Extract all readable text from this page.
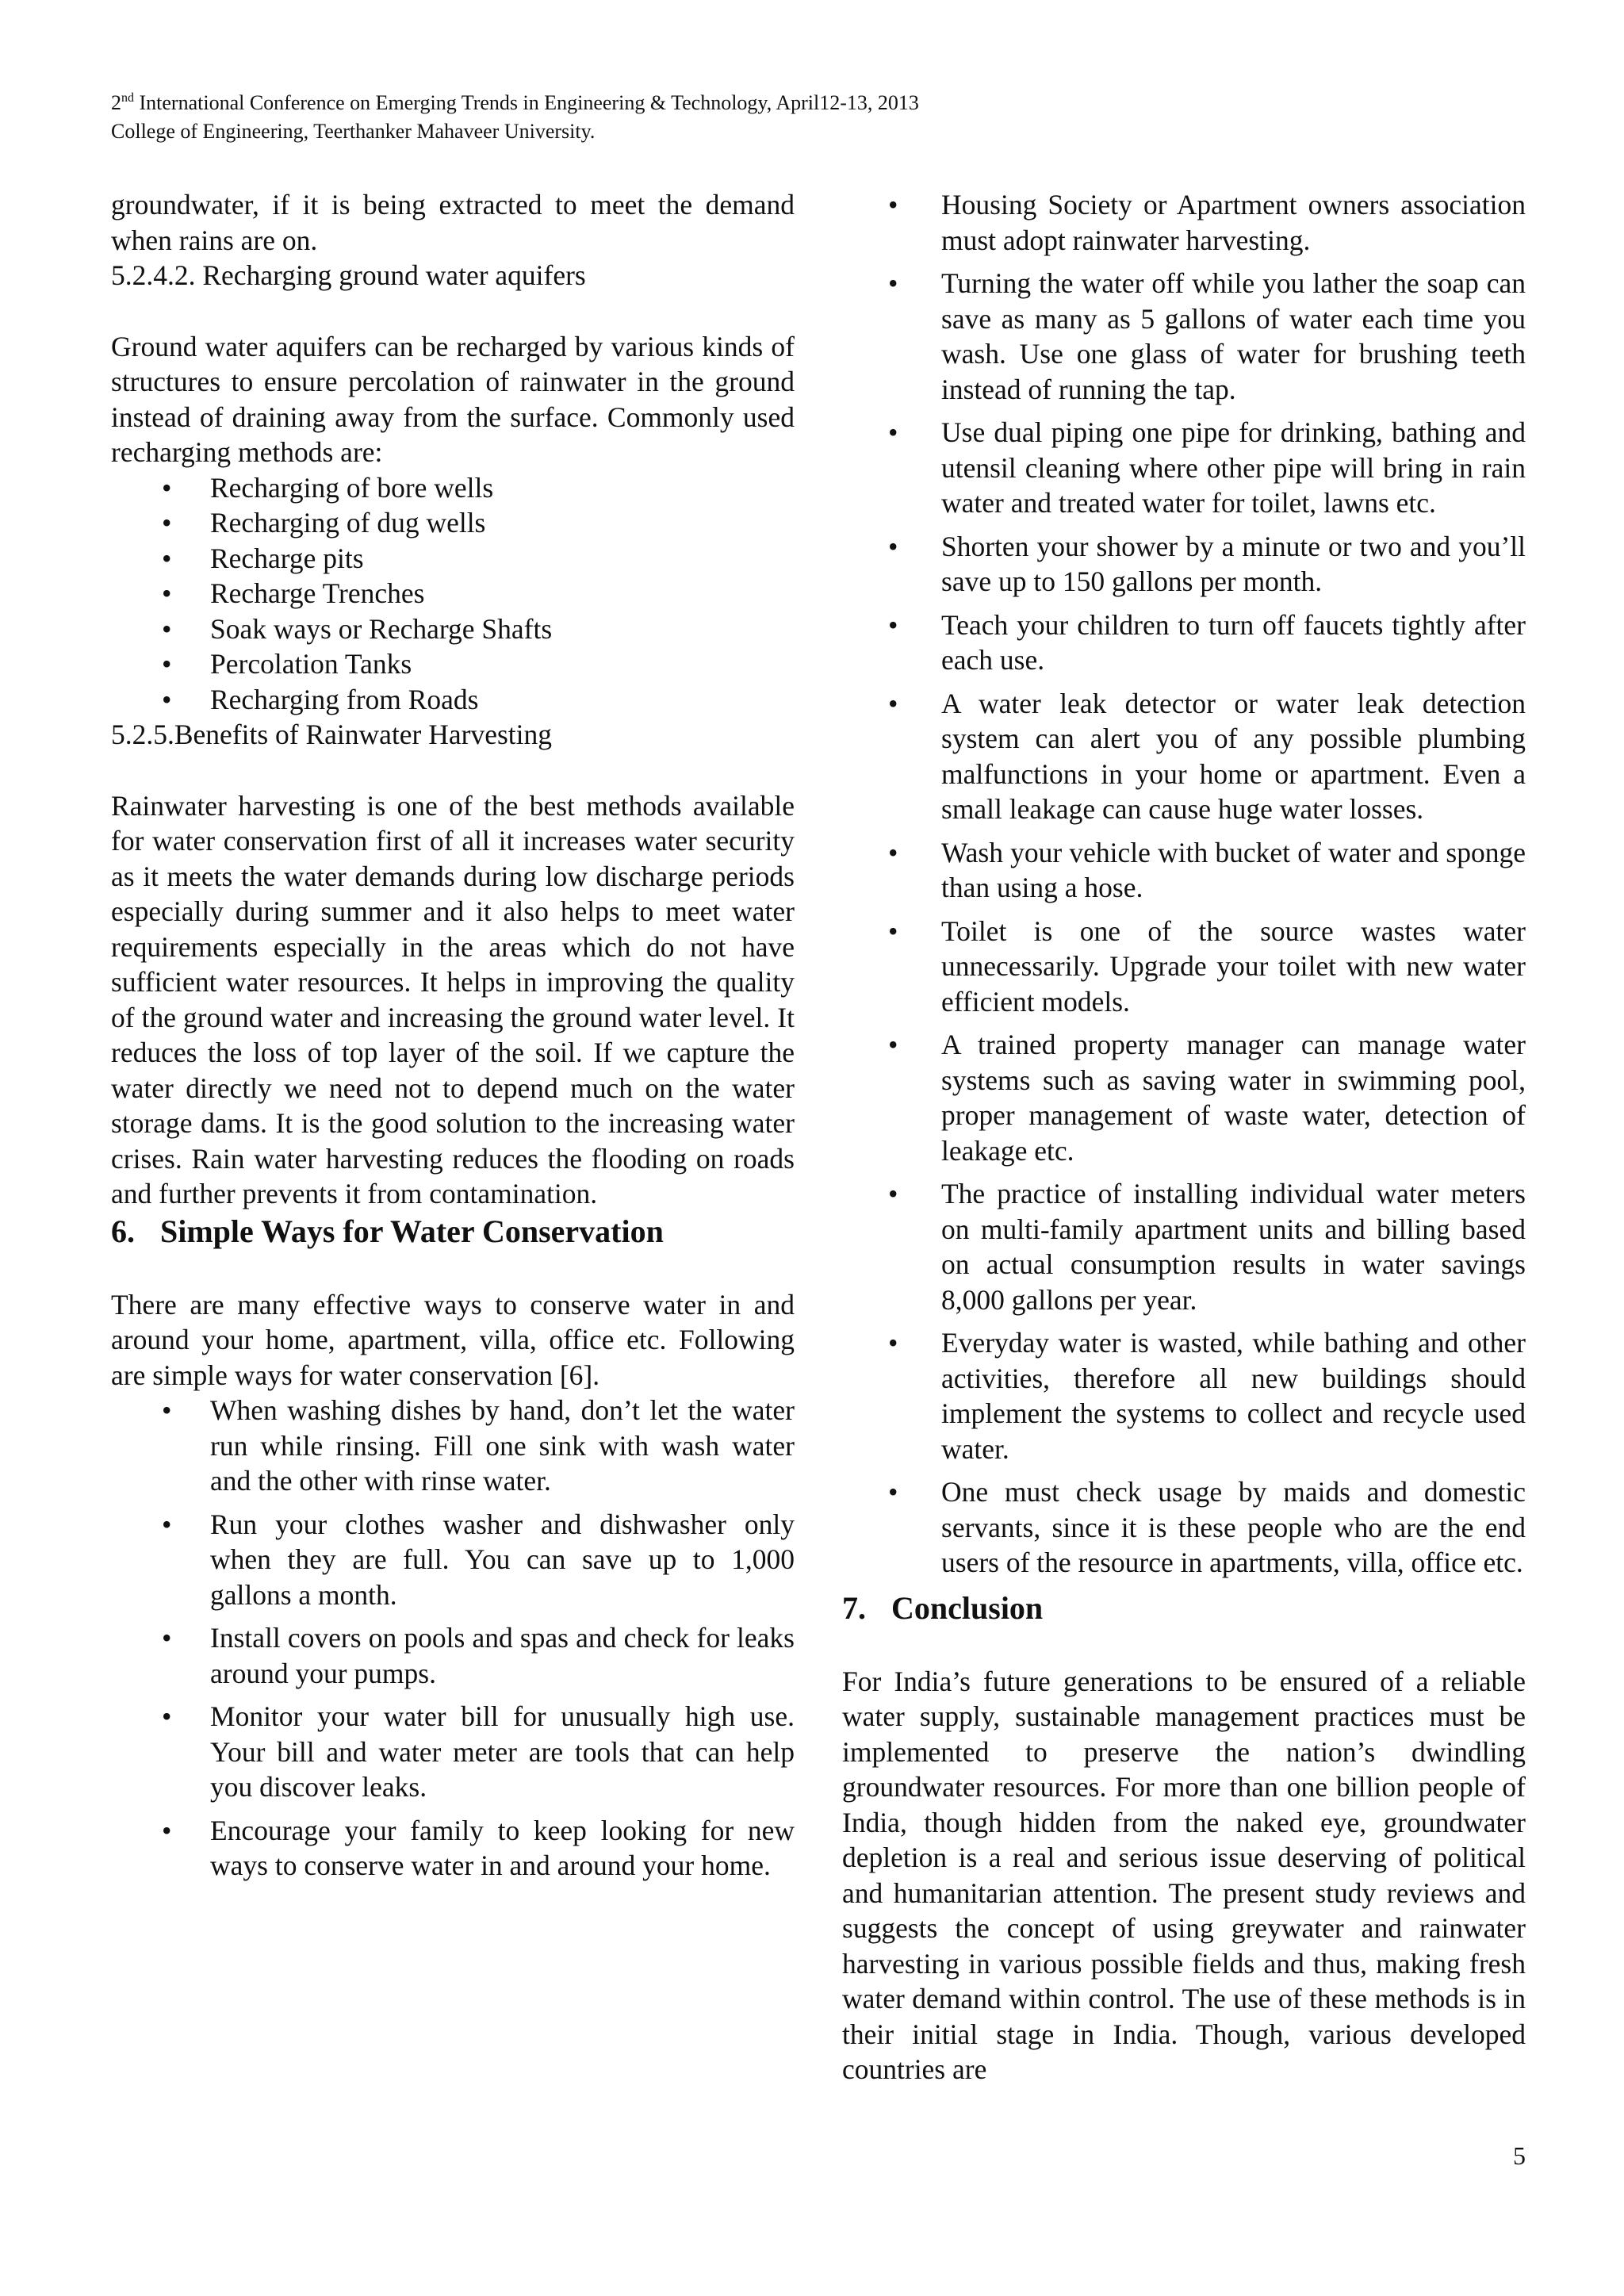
2nd International Conference on Emerging Trends in Engineering & Technology, April12-13, 2013
College of Engineering, Teerthanker Mahaveer University.

groundwater, if it is being extracted to meet the demand when rains are on.

5.2.4.2. Recharging ground water aquifers

Ground water aquifers can be recharged by various kinds of structures to ensure percolation of rainwater in the ground instead of draining away from the surface. Commonly used recharging methods are:

• Recharging of bore wells
• Recharging of dug wells
• Recharge pits
• Recharge Trenches
• Soak ways or Recharge Shafts
• Percolation Tanks
• Recharging from Roads
5.2.5.Benefits of Rainwater Harvesting

Rainwater harvesting is one of the best methods available for water conservation first of all it increases water security as it meets the water demands during low discharge periods especially during summer and it also helps to meet water requirements especially in the areas which do not have sufficient water resources. It helps in improving the quality of the ground water and increasing the ground water level. It reduces the loss of top layer of the soil. If we capture the water directly we need not to depend much on the water storage dams. It is the good solution to the increasing water crises. Rain water harvesting reduces the flooding on roads and further prevents it from contamination.

6. Simple Ways for Water Conservation

There are many effective ways to conserve water in and around your home, apartment, villa, office etc. Following are simple ways for water conservation [6].

• When washing dishes by hand, don’t let the water run while rinsing. Fill one sink with wash water and the other with rinse water.
• Run your clothes washer and dishwasher only when they are full. You can save up to 1,000 gallons a month.
• Install covers on pools and spas and check for leaks around your pumps.
• Monitor your water bill for unusually high use. Your bill and water meter are tools that can help you discover leaks.
• Encourage your family to keep looking for new ways to conserve water in and around your home.
• Housing Society or Apartment owners association must adopt rainwater harvesting.
• Turning the water off while you lather the soap can save as many as 5 gallons of water each time you wash. Use one glass of water for brushing teeth instead of running the tap.
• Use dual piping one pipe for drinking, bathing and utensil cleaning where other pipe will bring in rain water and treated water for toilet, lawns etc.
• Shorten your shower by a minute or two and you’ll save up to 150 gallons per month.
• Teach your children to turn off faucets tightly after each use.
• A water leak detector or water leak detection system can alert you of any possible plumbing malfunctions in your home or apartment. Even a small leakage can cause huge water losses.
• Wash your vehicle with bucket of water and sponge than using a hose.
• Toilet is one of the source wastes water unnecessarily. Upgrade your toilet with new water efficient models.
• A trained property manager can manage water systems such as saving water in swimming pool, proper management of waste water, detection of leakage etc.
• The practice of installing individual water meters on multi-family apartment units and billing based on actual consumption results in water savings 8,000 gallons per year.
• Everyday water is wasted, while bathing and other activities, therefore all new buildings should implement the systems to collect and recycle used water.
• One must check usage by maids and domestic servants, since it is these people who are the end users of the resource in apartments, villa, office etc.
7. Conclusion

For India’s future generations to be ensured of a reliable water supply, sustainable management practices must be implemented to preserve the nation’s dwindling groundwater resources. For more than one billion people of India, though hidden from the naked eye, groundwater depletion is a real and serious issue deserving of political and humanitarian attention. The present study reviews and suggests the concept of using greywater and rainwater harvesting in various possible fields and thus, making fresh water demand within control. The use of these methods is in their initial stage in India. Though, various developed countries are

5
